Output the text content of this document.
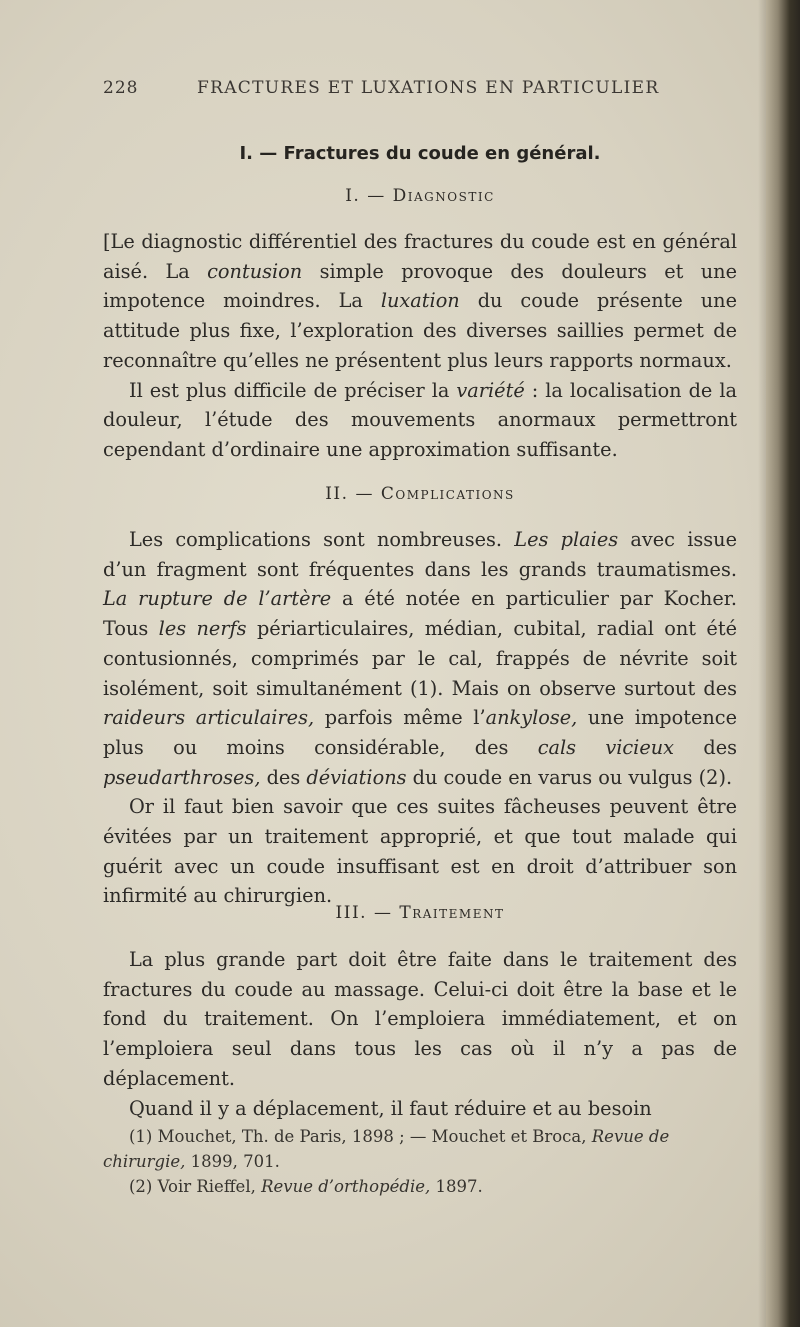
228	FRACTURES ET LUXATIONS EN PARTICULIER
I. — Fractures du coude en général.
I. — Diagnostic

[Le diagnostic différentiel des fractures du coude est en général aisé. La contusion simple provoque des douleurs et une impotence moindres. La luxation du coude présente une attitude plus fixe, l’exploration des diverses saillies permet de reconnaître qu’elles ne présentent plus leurs rapports normaux.

Il est plus difficile de préciser la variété : la localisation de la douleur, l’étude des mouvements anormaux permettront cependant d’ordinaire une approximation suffisante.

II. — Complications

Les complications sont nombreuses. Les plaies avec issue d’un fragment sont fréquentes dans les grands traumatismes. La rupture de l’artère a été notée en particulier par Kocher. Tous les nerfs périarticulaires, médian, cubital, radial ont été contusionnés, comprimés par le cal, frappés de névrite soit isolément, soit simultanément (1). Mais on observe surtout des raideurs articulaires, parfois même l’ankylose, une impotence plus ou moins considérable, des cals vicieux des pseudarthroses, des déviations du coude en varus ou vulgus (2).

Or il faut bien savoir que ces suites fâcheuses peuvent être évitées par un traitement approprié, et que tout malade qui guérit avec un coude insuffisant est en droit d’attribuer son infirmité au chirurgien.

III. — Traitement

La plus grande part doit être faite dans le traitement des fractures du coude au massage. Celui-ci doit être la base et le fond du traitement. On l’emploiera immédiatement, et on l’emploiera seul dans tous les cas où il n’y a pas de déplacement.

Quand il y a déplacement, il faut réduire et au besoin

(1) Mouchet, Th. de Paris, 1898 ; — Mouchet et Broca, Revue de chirurgie, 1899, 701.

(2) Voir Rieffel, Revue d’orthopédie, 1897.
